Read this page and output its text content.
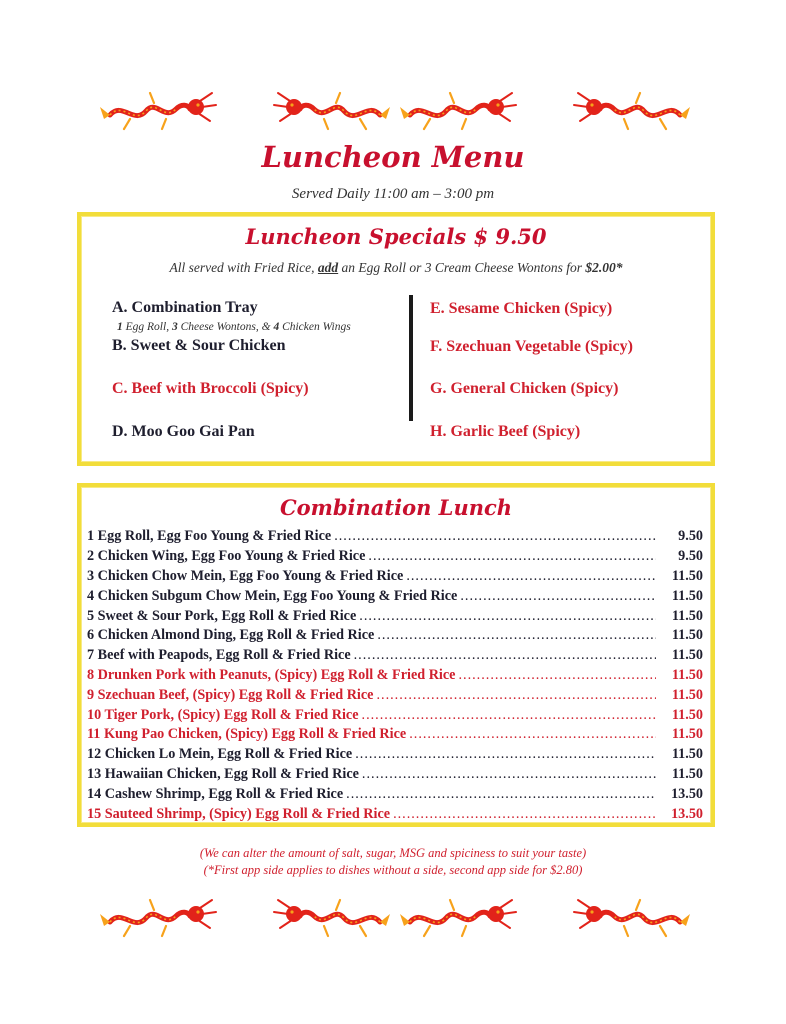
Luncheon Menu
Served Daily 11:00 am – 3:00 pm
Luncheon Specials $ 9.50
All served with Fried Rice, add an Egg Roll or 3 Cream Cheese Wontons for $2.00*
A. Combination Tray
1 Egg Roll, 3 Cheese Wontons, & 4 Chicken Wings
B. Sweet & Sour Chicken
C. Beef with Broccoli (Spicy)
D. Moo Goo Gai Pan
E. Sesame Chicken (Spicy)
F. Szechuan Vegetable (Spicy)
G. General Chicken (Spicy)
H. Garlic Beef (Spicy)
Combination Lunch
1 Egg Roll, Egg Foo Young & Fried Rice .....	9.50
2 Chicken Wing, Egg Foo Young & Fried Rice .....	9.50
3 Chicken Chow Mein, Egg Foo Young & Fried Rice .....	11.50
4 Chicken Subgum Chow Mein, Egg Foo Young & Fried Rice .....	11.50
5 Sweet & Sour Pork, Egg Roll & Fried Rice .....	11.50
6 Chicken Almond Ding, Egg Roll & Fried Rice .....	11.50
7 Beef with Peapods, Egg Roll & Fried Rice .....	11.50
8 Drunken Pork with Peanuts, (Spicy) Egg Roll & Fried Rice .....	11.50
9 Szechuan Beef, (Spicy) Egg Roll & Fried Rice .....	11.50
10 Tiger Pork, (Spicy) Egg Roll & Fried Rice .....	11.50
11 Kung Pao Chicken, (Spicy) Egg Roll & Fried Rice .....	11.50
12 Chicken Lo Mein, Egg Roll & Fried Rice .....	11.50
13 Hawaiian Chicken, Egg Roll & Fried Rice .....	11.50
14 Cashew Shrimp, Egg Roll & Fried Rice .....	13.50
15 Sauteed Shrimp, (Spicy) Egg Roll & Fried Rice .....	13.50
(We can alter the amount of salt, sugar, MSG and spiciness to suit your taste)
(*First app side applies to dishes without a side, second app side for $2.80)
